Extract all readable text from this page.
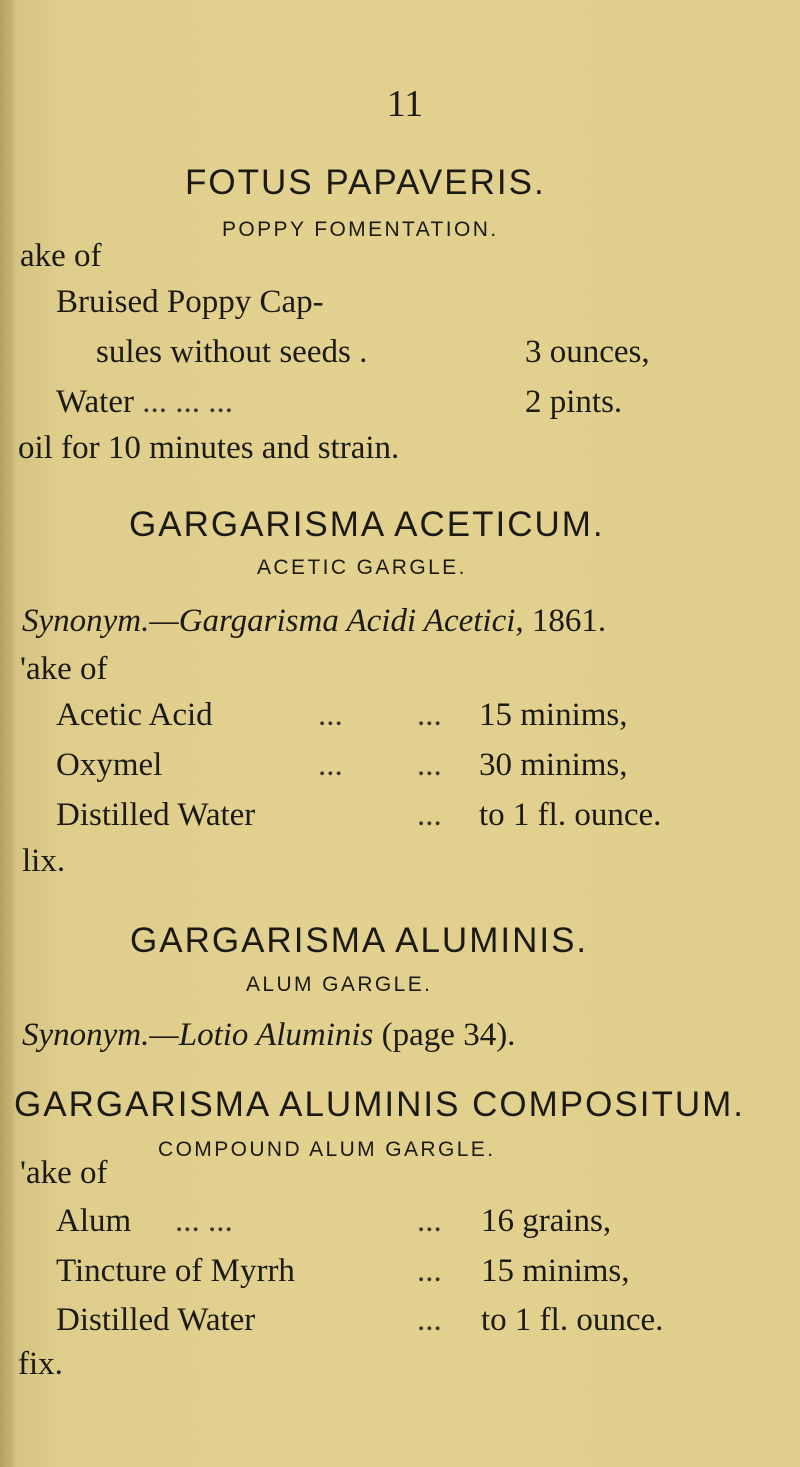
11
FOTUS PAPAVERIS.
POPPY FOMENTATION.
ake of
Bruised Poppy Cap-
sules without seeds .	3 ounces,
Water ... ... ...	2 pints.
oil for 10 minutes and strain.
GARGARISMA ACETICUM.
ACETIC GARGLE.
Synonym.—Gargarisma Acidi Acetici, 1861.
'ake of
Acetic Acid	... ... 15 minims,
Oxymel	... ... 30 minims,
Distilled Water	... to 1 fl. ounce.
lix.
GARGARISMA ALUMINIS.
ALUM GARGLE.
Synonym.—Lotio Aluminis (page 34).
GARGARISMA ALUMINIS COMPOSITUM.
COMPOUND ALUM GARGLE.
'ake of
Alum ... ...	... 16 grains,
Tincture of Myrrh	... 15 minims,
Distilled Water	... to 1 fl. ounce.
fix.
